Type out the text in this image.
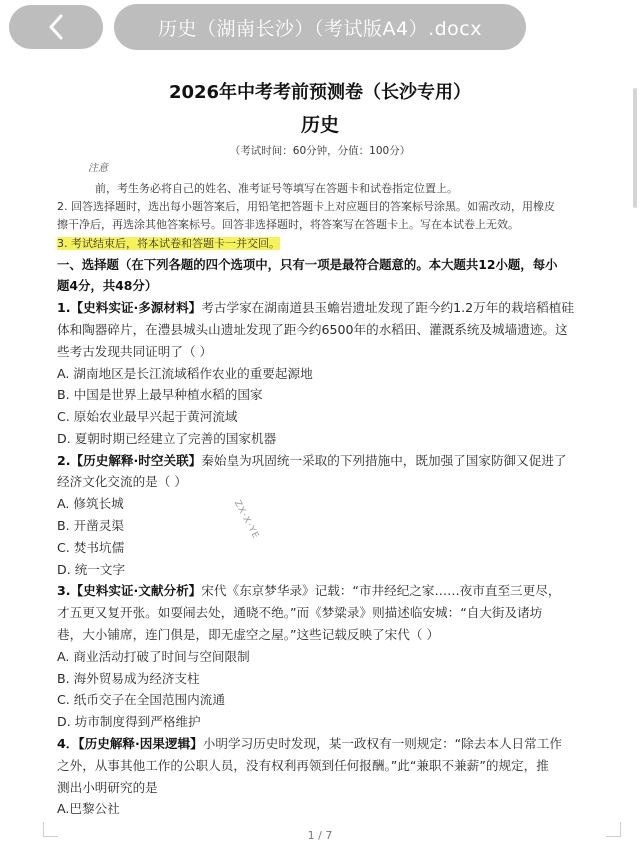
历史（湖南长沙）（考试版A4）.docx
2026年中考考前预测卷（长沙专用）
历史
（考试时间：60分钟，分值：100分）
注意
前，考生务必将自己的姓名、准考证号等填写在答题卡和试卷指定位置上。
2. 回答选择题时，选出每小题答案后，用铅笔把答题卡上对应题目的答案标号涂黑。如需改动，用橡皮
擦干净后，再选涂其他答案标号。回答非选择题时，将答案写在答题卡上。写在本试卷上无效。
3. 考试结束后，将本试卷和答题卡一并交回。
一、选择题（在下列各题的四个选项中，只有一项是最符合题意的。本大题共12小题，每小
题4分，共48分）
1.【史料实证·多源材料】考古学家在湖南道县玉蟾岩遗址发现了距今约1.2万年的栽培稻植硅
体和陶器碎片，在澧县城头山遗址发现了距今约6500年的水稻田、灌溉系统及城墙遗迹。这
些考古发现共同证明了（ ）
A. 湖南地区是长江流域稻作农业的重要起源地
B. 中国是世界上最早种植水稻的国家
C. 原始农业最早兴起于黄河流域
D. 夏朝时期已经建立了完善的国家机器
2.【历史解释·时空关联】秦始皇为巩固统一采取的下列措施中，既加强了国家防御又促进了
经济文化交流的是（ ）
A. 修筑长城
B. 开凿灵渠
C. 焚书坑儒
D. 统一文字
ZX·X·YE
3.【史料实证·文献分析】宋代《东京梦华录》记载：“市井经纪之家……夜市直至三更尽，
才五更又复开张。如耍闹去处，通晓不绝。”而《梦粱录》则描述临安城：“自大街及诸坊
巷，大小铺席，连门俱是，即无虚空之屋。”这些记载反映了宋代（ ）
A. 商业活动打破了时间与空间限制
B. 海外贸易成为经济支柱
C. 纸币交子在全国范围内流通
D. 坊市制度得到严格维护
4．【历史解释·因果逻辑】小明学习历史时发现，某一政权有一则规定：“除去本人日常工作
之外，从事其他工作的公职人员，没有权利再领到任何报酬。”此“兼职不兼薪”的规定，推
测出小明研究的是
A.巴黎公社
1 / 7
